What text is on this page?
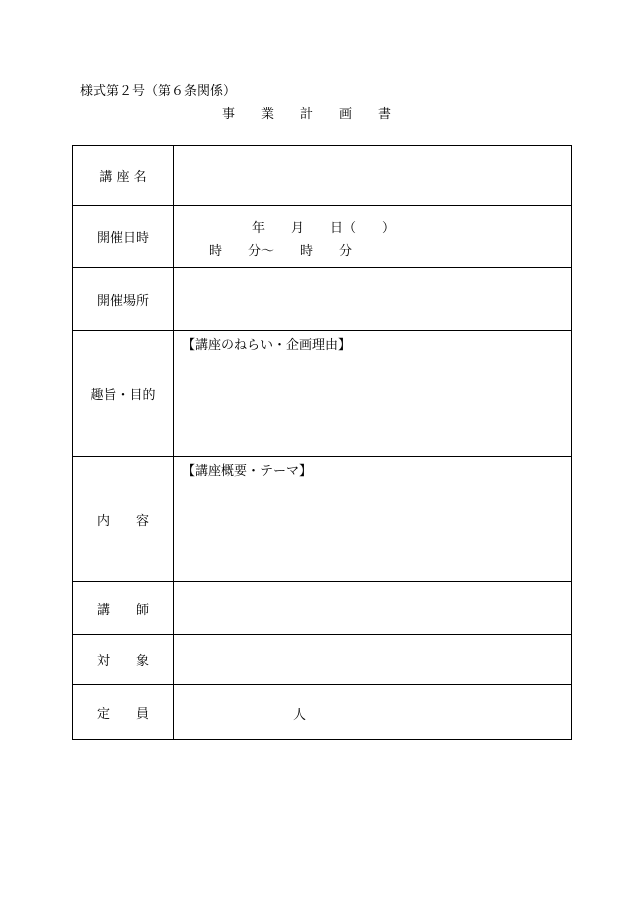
様式第２号（第６条関係）
事　　業　　計　　画　　書
講 座 名	
開催日時	年　　月　　日（　　）
時　　分～　　時　　分

開催場所	
趣旨・目的	【講座のねらい・企画理由】

内　　容	【講座概要・テーマ】

講　　師	
対　　象	
定　　員	人
